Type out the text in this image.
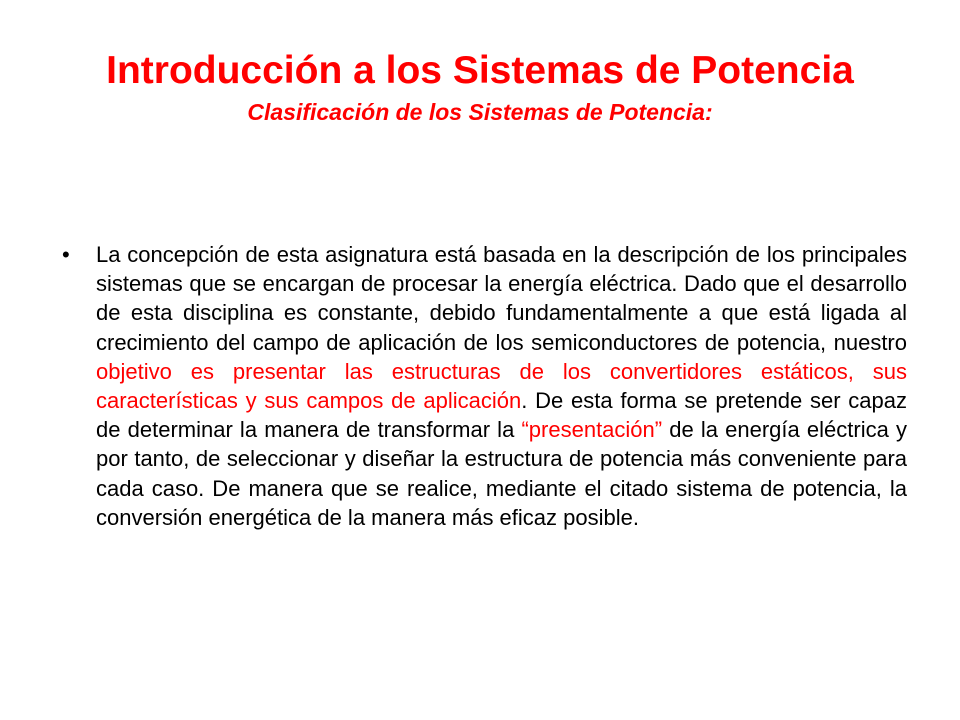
Introducción a los Sistemas de Potencia
Clasificación de los Sistemas de Potencia:
• La concepción de esta asignatura está basada en la descripción de los principales sistemas que se encargan de procesar la energía eléctrica. Dado que el desarrollo de esta disciplina es constante, debido fundamentalmente a que está ligada al crecimiento del campo de aplicación de los semiconductores de potencia, nuestro objetivo es presentar las estructuras de los convertidores estáticos, sus características y sus campos de aplicación. De esta forma se pretende ser capaz de determinar la manera de transformar la “presentación” de la energía eléctrica y por tanto, de seleccionar y diseñar la estructura de potencia más conveniente para cada caso. De manera que se realice, mediante el citado sistema de potencia, la conversión energética de la manera más eficaz posible.
